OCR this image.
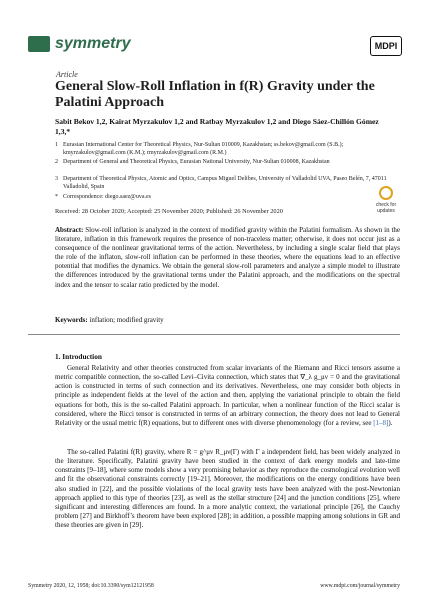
symmetry	MDPI
Article
General Slow-Roll Inflation in f(R) Gravity under the Palatini Approach
Sabit Bekov 1,2, Kairat Myrzakulov 1,2 and Ratbay Myrzakulov 1,2 and Diego Sáez-Chillón Gómez 1,3,*
1 Eurasian International Center for Theoretical Physics, Nur-Sultan 010009, Kazakhstan; ss.bekov@gmail.com (S.B.); kmyrzakulov@gmail.com (K.M.); rmyrzakulov@gmail.com (R.M.)
2 Department of General and Theoretical Physics, Eurasian National University, Nur-Sultan 010008, Kazakhstan
3 Department of Theoretical Physics, Atomic and Optics, Campus Miguel Delibes, University of Valladolid UVA, Paseo Belén, 7, 47011 Valladolid, Spain
* Correspondence: diego.saez@uva.es
check for updates
Received: 28 October 2020; Accepted: 25 November 2020; Published: 26 November 2020
Abstract: Slow-roll inflation is analyzed in the context of modified gravity within the Palatini formalism. As shown in the literature, inflation in this framework requires the presence of non-traceless matter; otherwise, it does not occur just as a consequence of the nonlinear gravitational terms of the action. Nevertheless, by including a single scalar field that plays the role of the inflaton, slow-roll inflation can be performed in these theories, where the equations lead to an effective potential that modifies the dynamics. We obtain the general slow-roll parameters and analyze a simple model to illustrate the differences introduced by the gravitational terms under the Palatini approach, and the modifications on the spectral index and the tensor to scalar ratio predicted by the model.
Keywords: inflation; modified gravity
1. Introduction
General Relativity and other theories constructed from scalar invariants of the Riemann and Ricci tensors assume a metric compatible connection, the so-called Levi–Civita connection, which states that ∇_λ g_μν = 0 and the gravitational action is constructed in terms of such connection and its derivatives. Nevertheless, one may consider both objects in principle as independent fields at the level of the action and then, applying the variational principle to obtain the field equations for both, this is the so-called Palatini approach. In particular, when a nonlinear function of the Ricci scalar is considered, where the Ricci tensor is constructed in terms of an arbitrary connection, the theory does not lead to General Relativity or the usual metric f(R) equations, but to different ones with diverse phenomenology (for a review, see [1–8]).
The so-called Palatini f(R) gravity, where R = g^μν R_μν(Γ) with Γ a independent field, has been widely analyzed in the literature. Specifically, Palatini gravity have been studied in the context of dark energy models and late-time constraints [9–18], where some models show a very promising behavior as they reproduce the cosmological evolution well and fit the observational constraints correctly [19–21]. Moreover, the modifications on the energy conditions have been also studied in [22], and the possible violations of the local gravity tests have been analyzed with the post-Newtonian approach applied to this type of theories [23], as well as the stellar structure [24] and the junction conditions [25], where significant and interesting differences are found. In a more analytic context, the variational principle [26], the Cauchy problem [27] and Birkhoff’s theorem have been explored [28]; in addition, a possible mapping among solutions in GR and these theories are given in [29].
Symmetry 2020, 12, 1958; doi:10.3390/sym12121958	www.mdpi.com/journal/symmetry
